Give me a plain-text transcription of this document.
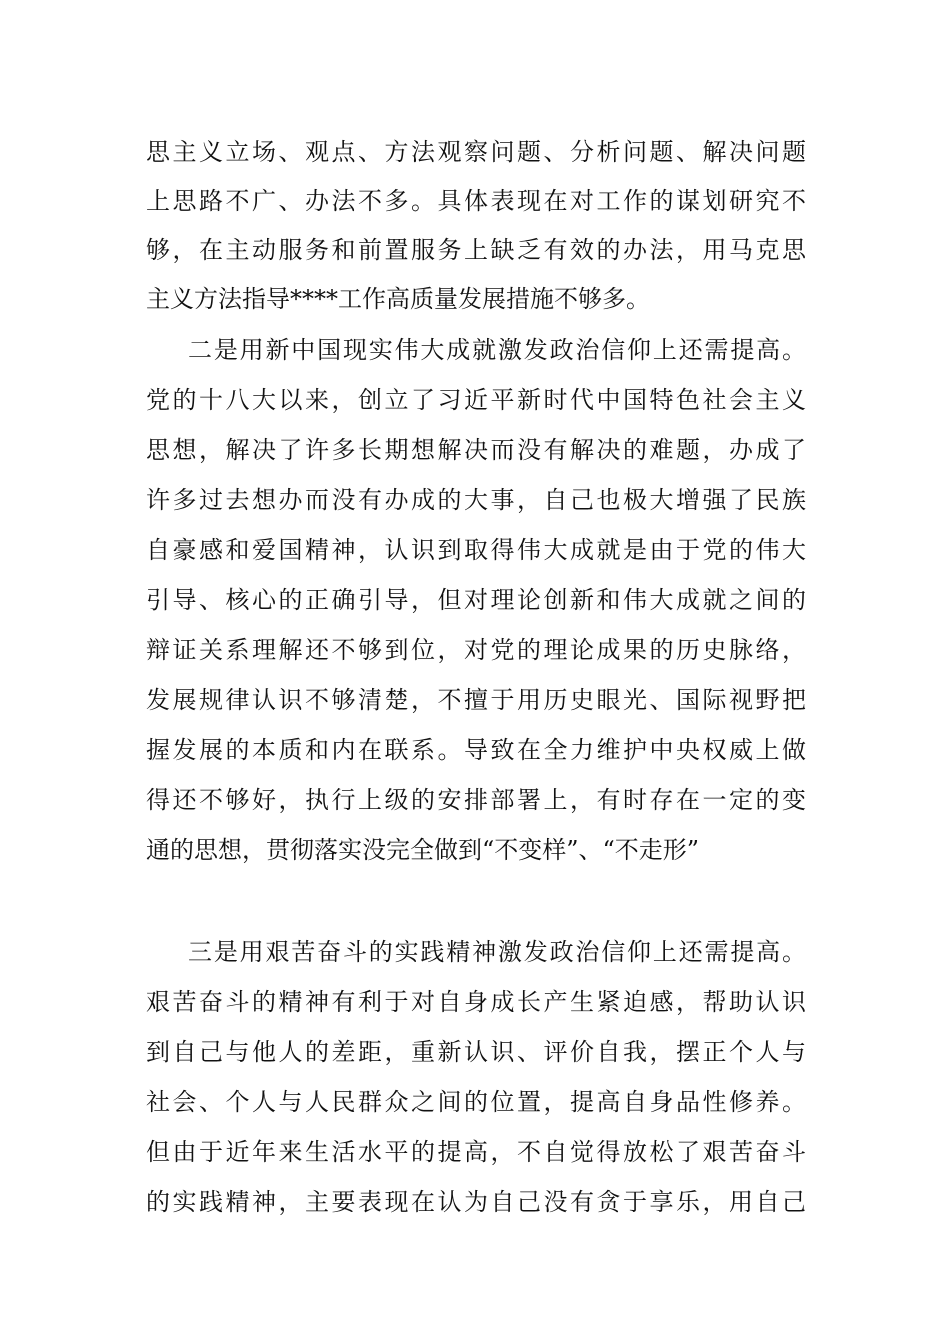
思主义立场、观点、方法观察问题、分析问题、解决问题
上思路不广、办法不多。具体表现在对工作的谋划研究不
够，在主动服务和前置服务上缺乏有效的办法，用马克思
主义方法指导****工作高质量发展措施不够多。
二是用新中国现实伟大成就激发政治信仰上还需提高。
党的十八大以来，创立了习近平新时代中国特色社会主义
思想，解决了许多长期想解决而没有解决的难题，办成了
许多过去想办而没有办成的大事，自己也极大增强了民族
自豪感和爱国精神，认识到取得伟大成就是由于党的伟大
引导、核心的正确引导，但对理论创新和伟大成就之间的
辩证关系理解还不够到位，对党的理论成果的历史脉络，
发展规律认识不够清楚，不擅于用历史眼光、国际视野把
握发展的本质和内在联系。导致在全力维护中央权威上做
得还不够好，执行上级的安排部署上，有时存在一定的变
通的思想，贯彻落实没完全做到“不变样”、“不走形”
三是用艰苦奋斗的实践精神激发政治信仰上还需提高。
艰苦奋斗的精神有利于对自身成长产生紧迫感，帮助认识
到自己与他人的差距，重新认识、评价自我，摆正个人与
社会、个人与人民群众之间的位置，提高自身品性修养。
但由于近年来生活水平的提高，不自觉得放松了艰苦奋斗
的实践精神，主要表现在认为自己没有贪于享乐，用自己
